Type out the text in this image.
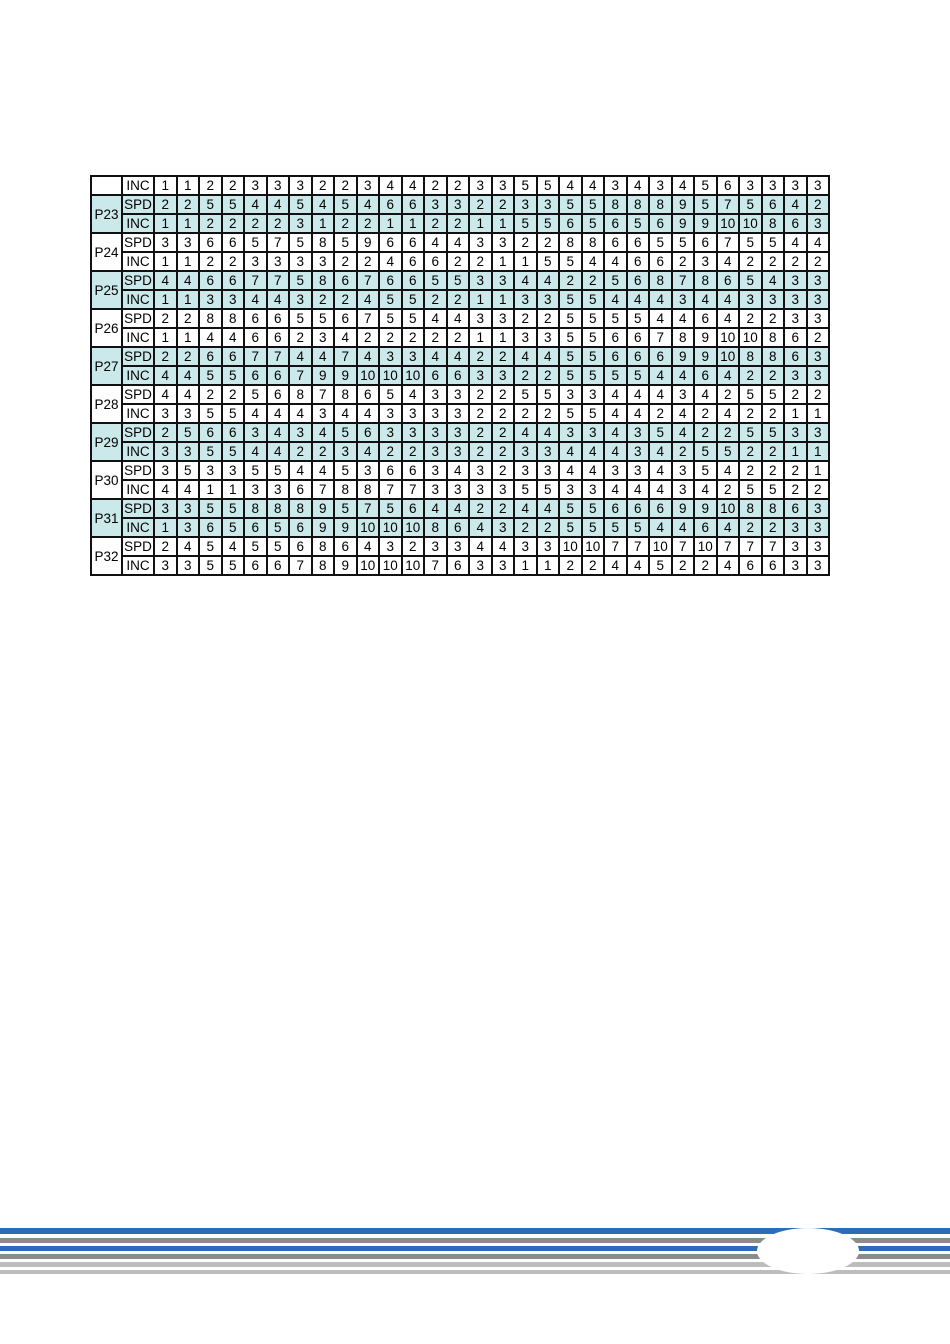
	INC	1	1	2	2	3	3	3	2	2	3	4	4	2	2	3	3	5	5	4	4	3	4	3	4	5	6	3	3	3	3
P23	SPD	2	2	5	5	4	4	5	4	5	4	6	6	3	3	2	2	3	3	5	5	8	8	8	9	5	7	5	6	4	2
	INC	1	1	2	2	2	2	3	1	2	2	1	1	2	2	1	1	5	5	6	5	6	5	6	9	9	10	10	8	6	3
P24	SPD	3	3	6	6	5	7	5	8	5	9	6	6	4	4	3	3	2	2	8	8	6	6	5	5	6	7	5	5	4	4
	INC	1	1	2	2	3	3	3	3	2	2	4	6	6	2	2	1	1	5	5	4	4	6	6	2	3	4	2	2	2	2
P25	SPD	4	4	6	6	7	7	5	8	6	7	6	6	5	5	3	3	4	4	2	2	5	6	8	7	8	6	5	4	3	3
	INC	1	1	3	3	4	4	3	2	2	4	5	5	2	2	1	1	3	3	5	5	4	4	4	3	4	4	3	3	3	3
P26	SPD	2	2	8	8	6	6	5	5	6	7	5	5	4	4	3	3	2	2	5	5	5	5	4	4	6	4	2	2	3	3
	INC	1	1	4	4	6	6	2	3	4	2	2	2	2	2	1	1	3	3	5	5	6	6	7	8	9	10	10	8	6	2
P27	SPD	2	2	6	6	7	7	4	4	7	4	3	3	4	4	2	2	4	4	5	5	6	6	6	9	9	10	8	8	6	3
	INC	4	4	5	5	6	6	7	9	9	10	10	10	6	6	3	3	2	2	5	5	5	5	4	4	6	4	2	2	3	3
P28	SPD	4	4	2	2	5	6	8	7	8	6	5	4	3	3	2	2	5	5	3	3	4	4	4	3	4	2	5	5	2	2
	INC	3	3	5	5	4	4	4	3	4	4	3	3	3	3	2	2	2	2	5	5	4	4	2	4	2	4	2	2	1	1
P29	SPD	2	5	6	6	3	4	3	4	5	6	3	3	3	3	2	2	4	4	3	3	4	3	5	4	2	2	5	5	3	3
	INC	3	3	5	5	4	4	2	2	3	4	2	2	3	3	2	2	3	3	4	4	4	3	4	2	5	5	2	2	1	1
P30	SPD	3	5	3	3	5	5	4	4	5	3	6	6	3	4	3	2	3	3	4	4	3	3	4	3	5	4	2	2	2	1
	INC	4	4	1	1	3	3	6	7	8	8	7	7	3	3	3	3	5	5	3	3	4	4	4	3	4	2	5	5	2	2
P31	SPD	3	3	5	5	8	8	8	9	5	7	5	6	4	4	2	2	4	4	5	5	6	6	6	9	9	10	8	8	6	3
	INC	1	3	6	5	6	5	6	9	9	10	10	10	8	6	4	3	2	2	5	5	5	5	4	4	6	4	2	2	3	3
P32	SPD	2	4	5	4	5	5	6	8	6	4	3	2	3	3	4	4	3	3	10	10	7	7	10	7	10	7	7	7	3	3
	INC	3	3	5	5	6	6	7	8	9	10	10	10	7	6	3	3	1	1	2	2	4	4	5	2	2	4	6	6	3	3
